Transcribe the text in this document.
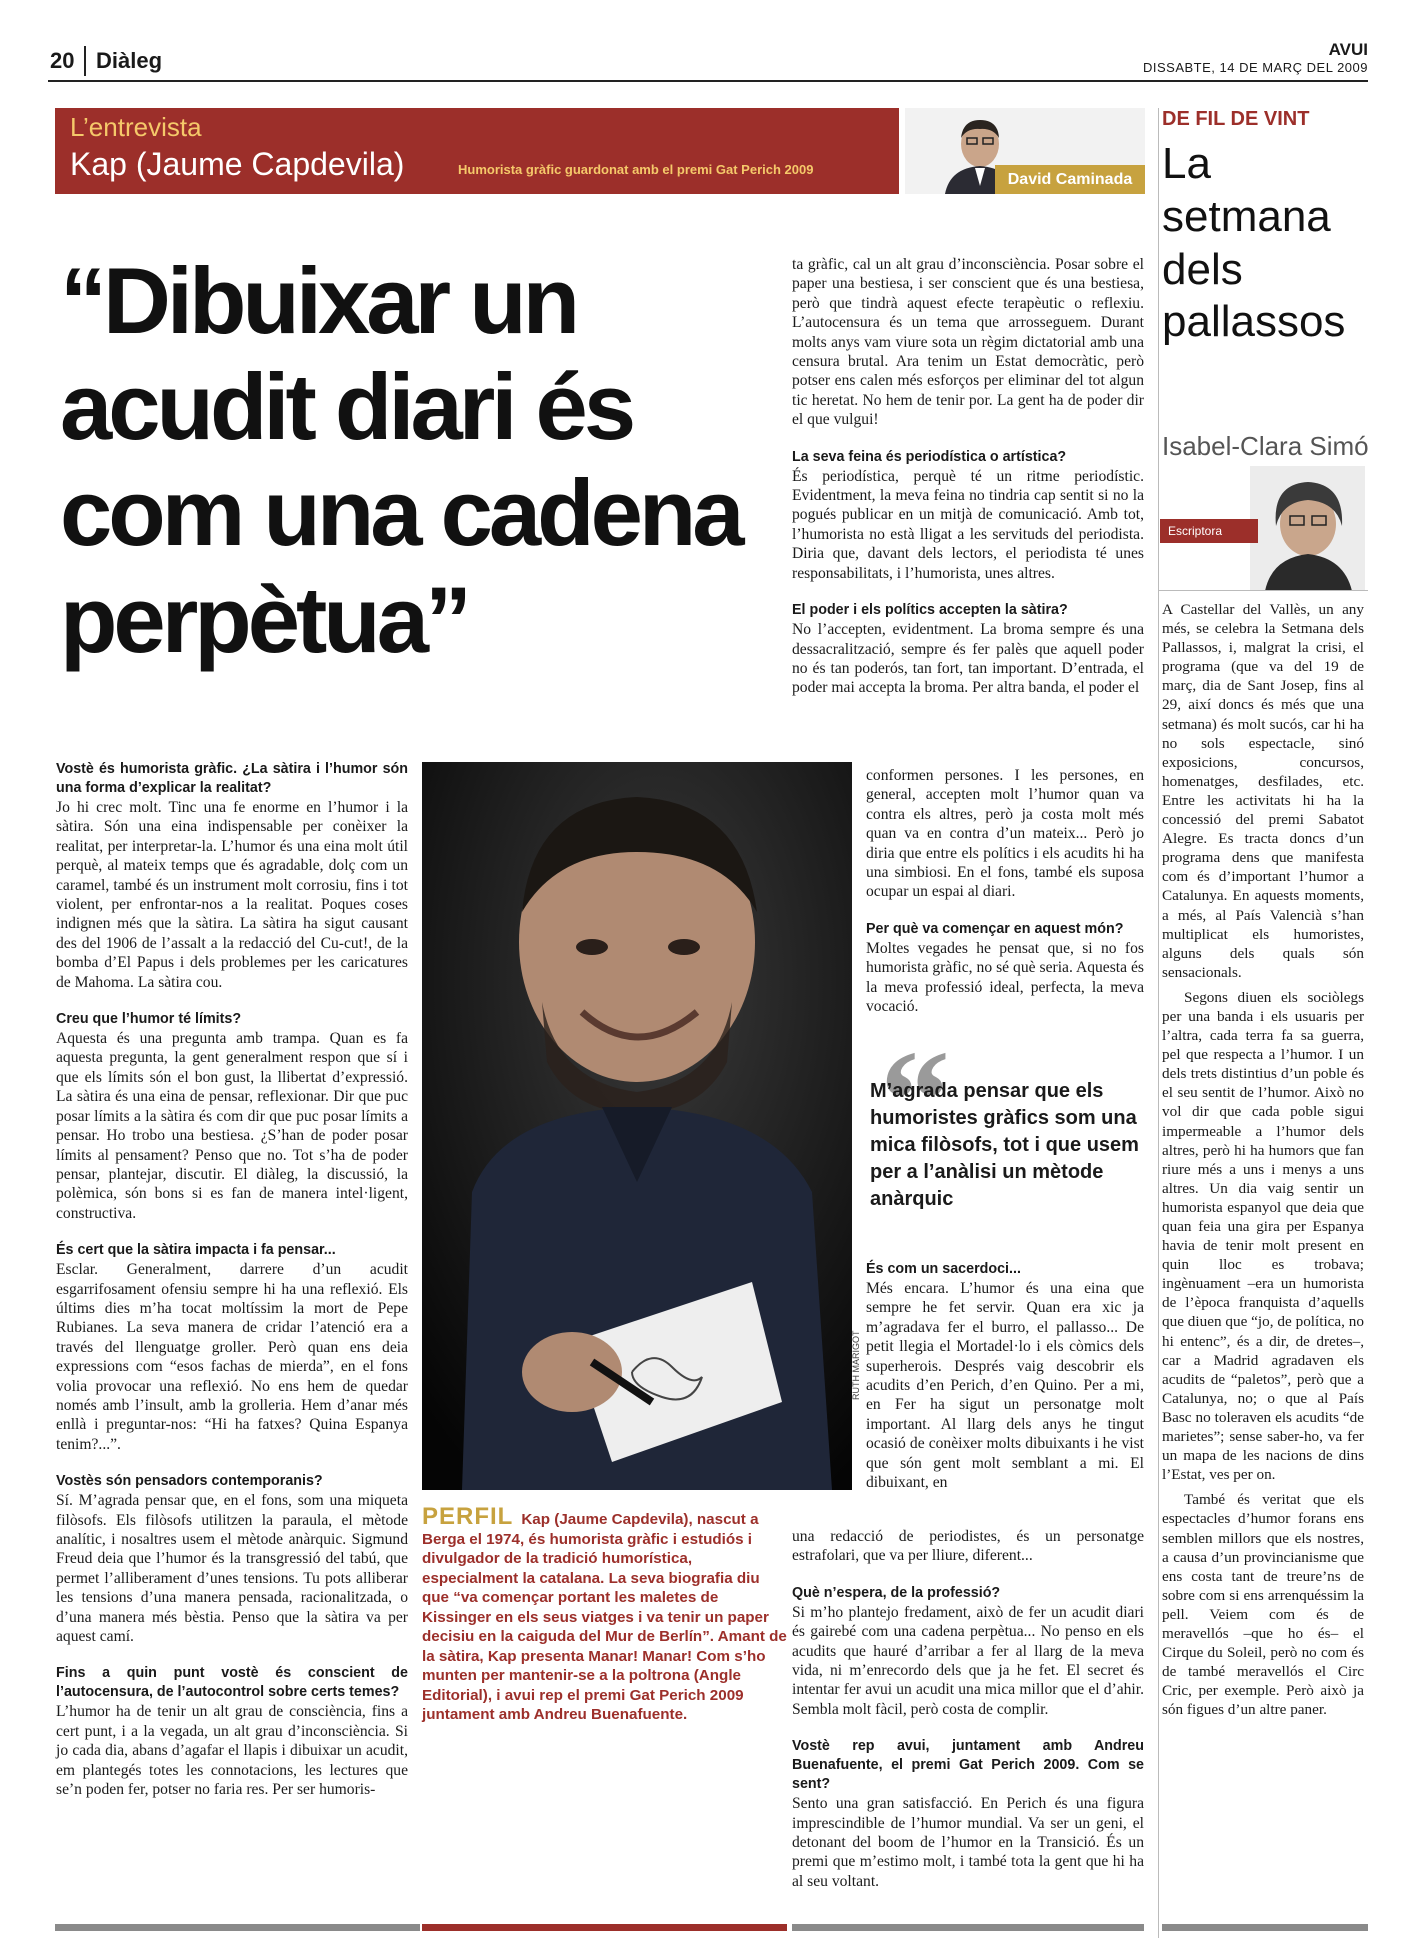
20 Diàleg	AVUI
DISSABTE, 14 DE MARÇ DEL 2009
L’entrevista
Kap (Jaume Capdevila)	Humorista gràfic guardonat amb el premi Gat Perich 2009
David Caminada
“Dibuixar un
acudit diari és
com una cadena
perpètua”

Vostè és humorista gràfic. ¿La sàtira i l’humor són una forma d’explicar la realitat?

Jo hi crec molt. Tinc una fe enorme en l’humor i la sàtira. Són una eina indispensable per conèixer la realitat, per interpretar-la. L’humor és una eina molt útil perquè, al mateix temps que és agradable, dolç com un caramel, també és un instrument molt corrosiu, fins i tot violent, per enfrontar-nos a la realitat. Poques coses indignen més que la sàtira. La sàtira ha sigut causant des del 1906 de l’assalt a la redacció del Cu-cut!, de la bomba d’El Papus i dels problemes per les caricatures de Mahoma. La sàtira cou.

Creu que l’humor té límits?

Aquesta és una pregunta amb trampa. Quan es fa aquesta pregunta, la gent generalment respon que sí i que els límits són el bon gust, la llibertat d’expressió. La sàtira és una eina de pensar, reflexionar. Dir que puc posar límits a la sàtira és com dir que puc posar límits a pensar. Ho trobo una bestiesa. ¿S’han de poder posar límits al pensament? Penso que no. Tot s’ha de poder pensar, plantejar, discutir. El diàleg, la discussió, la polèmica, són bons si es fan de manera intel·ligent, constructiva.

És cert que la sàtira impacta i fa pensar...

Esclar. Generalment, darrere d’un acudit esgarrifosament ofensiu sempre hi ha una reflexió. Els últims dies m’ha tocat moltíssim la mort de Pepe Rubianes. La seva manera de cridar l’atenció era a través del llenguatge groller. Però quan ens deia expressions com “esos fachas de mierda”, en el fons volia provocar una reflexió. No ens hem de quedar només amb l’insult, amb la grolleria. Hem d’anar més enllà i preguntar-nos: “Hi ha fatxes? Quina Espanya tenim?...”.

Vostès són pensadors contemporanis?

Sí. M’agrada pensar que, en el fons, som una miqueta filòsofs. Els filòsofs utilitzen la paraula, el mètode analític, i nosaltres usem el mètode anàrquic. Sigmund Freud deia que l’humor és la transgressió del tabú, que permet l’alliberament d’unes tensions. Tu pots alliberar les tensions d’una manera pensada, racionalitzada, o d’una manera més bèstia. Penso que la sàtira va per aquest camí.

Fins a quin punt vostè és conscient de l’autocensura, de l’autocontrol sobre certs temes?

L’humor ha de tenir un alt grau de consciència, fins a cert punt, i a la vegada, un alt grau d’inconsciència. Si jo cada dia, abans d’agafar el llapis i dibuixar un acudit, em plantegés totes les connotacions, les lectures que se’n poden fer, potser no faria res. Per ser humoris-

ta gràfic, cal un alt grau d’inconsciència. Posar sobre el paper una bestiesa, i ser conscient que és una bestiesa, però que tindrà aquest efecte terapèutic o reflexiu. L’autocensura és un tema que arrosseguem. Durant molts anys vam viure sota un règim dictatorial amb una censura brutal. Ara tenim un Estat democràtic, però potser ens calen més esforços per eliminar del tot algun tic heretat. No hem de tenir por. La gent ha de poder dir el que vulgui!

La seva feina és periodística o artística?

És periodística, perquè té un ritme periodístic. Evidentment, la meva feina no tindria cap sentit si no la pogués publicar en un mitjà de comunicació. Amb tot, l’humorista no està lligat a les servituds del periodista. Diria que, davant dels lectors, el periodista té unes responsabilitats, i l’humorista, unes altres.

El poder i els polítics accepten la sàtira?

No l’accepten, evidentment. La broma sempre és una dessacralització, sempre és fer palès que aquell poder no és tan poderós, tan fort, tan important. D’entrada, el poder mai accepta la broma. Per altra banda, el poder el

RUTH MARIGOT

conformen persones. I les persones, en general, accepten molt l’humor quan va contra els altres, però ja costa molt més quan va en contra d’un mateix... Però jo diria que entre els polítics i els acudits hi ha una simbiosi. En el fons, també els suposa ocupar un espai al diari.

Per què va començar en aquest món?

Moltes vegades he pensat que, si no fos humorista gràfic, no sé què seria. Aquesta és la meva professió ideal, perfecta, la meva vocació.

“
M’agrada pensar que els humoristes gràfics som una mica filòsofs, tot i que usem per a l’anàlisi un mètode anàrquic

És com un sacerdoci...

Més encara. L’humor és una eina que sempre he fet servir. Quan era xic ja m’agradava fer el burro, el pallasso... De petit llegia el Mortadel·lo i els còmics dels superherois. Després vaig descobrir els acudits d’en Perich, d’en Quino. Per a mi, en Fer ha sigut un personatge molt important. Al llarg dels anys he tingut ocasió de conèixer molts dibuixants i he vist que són gent molt semblant a mi. El dibuixant, en

una redacció de periodistes, és un personatge estrafolari, que va per lliure, diferent...

Què n’espera, de la professió?

Si m’ho plantejo fredament, això de fer un acudit diari és gairebé com una cadena perpètua... No penso en els acudits que hauré d’arribar a fer al llarg de la meva vida, ni m’enrecordo dels que ja he fet. El secret és intentar fer avui un acudit una mica millor que el d’ahir. Sembla molt fàcil, però costa de complir.

Vostè rep avui, juntament amb Andreu Buenafuente, el premi Gat Perich 2009. Com se sent?

Sento una gran satisfacció. En Perich és una figura imprescindible de l’humor mundial. Va ser un geni, el detonant del boom de l’humor en la Transició. És un premi que m’estimo molt, i també tota la gent que hi ha al seu voltant.

PERFIL Kap (Jaume Capdevila), nascut a Berga el 1974, és humorista gràfic i estudiós i divulgador de la tradició humorística, especialment la catalana. La seva biografia diu que “va començar portant les maletes de Kissinger en els seus viatges i va tenir un paper decisiu en la caiguda del Mur de Berlín”. Amant de la sàtira, Kap presenta Manar! Manar! Com s’ho munten per mantenir-se a la poltrona (Angle Editorial), i avui rep el premi Gat Perich 2009 juntament amb Andreu Buenafuente.
DE FIL DE VINT
La setmana dels pallassos
Isabel-Clara Simó
Escriptora

A Castellar del Vallès, un any més, se celebra la Setmana dels Pallassos, i, malgrat la crisi, el programa (que va del 19 de març, dia de Sant Josep, fins al 29, així doncs és més que una setmana) és molt sucós, car hi ha no sols espectacle, sinó exposicions, concursos, homenatges, desfilades, etc. Entre les activitats hi ha la concessió del premi Sabatot Alegre. Es tracta doncs d’un programa dens que manifesta com és d’important l’humor a Catalunya. En aquests moments, a més, al País Valencià s’han multiplicat els humoristes, alguns dels quals són sensacionals.

Segons diuen els sociòlegs per una banda i els usuaris per l’altra, cada terra fa sa guerra, pel que respecta a l’humor. I un dels trets distintius d’un poble és el seu sentit de l’humor. Això no vol dir que cada poble sigui impermeable a l’humor dels altres, però hi ha humors que fan riure més a uns i menys a uns altres. Un dia vaig sentir un humorista espanyol que deia que quan feia una gira per Espanya havia de tenir molt present en quin lloc es trobava; ingènuament –era un humorista de l’època franquista d’aquells que diuen que “jo, de política, no hi entenc”, és a dir, de dretes–, car a Madrid agradaven els acudits de “paletos”, però que a Catalunya, no; o que al País Basc no toleraven els acudits “de marietes”; sense saber-ho, va fer un mapa de les nacions de dins l’Estat, ves per on.

També és veritat que els espectacles d’humor forans ens semblen millors que els nostres, a causa d’un provincianisme que ens costa tant de treure’ns de sobre com si ens arrenquéssim la pell. Veiem com és de meravellós –que ho és– el Cirque du Soleil, però no com és de també meravellós el Circ Cric, per exemple. Però això ja són figues d’un altre paner.
